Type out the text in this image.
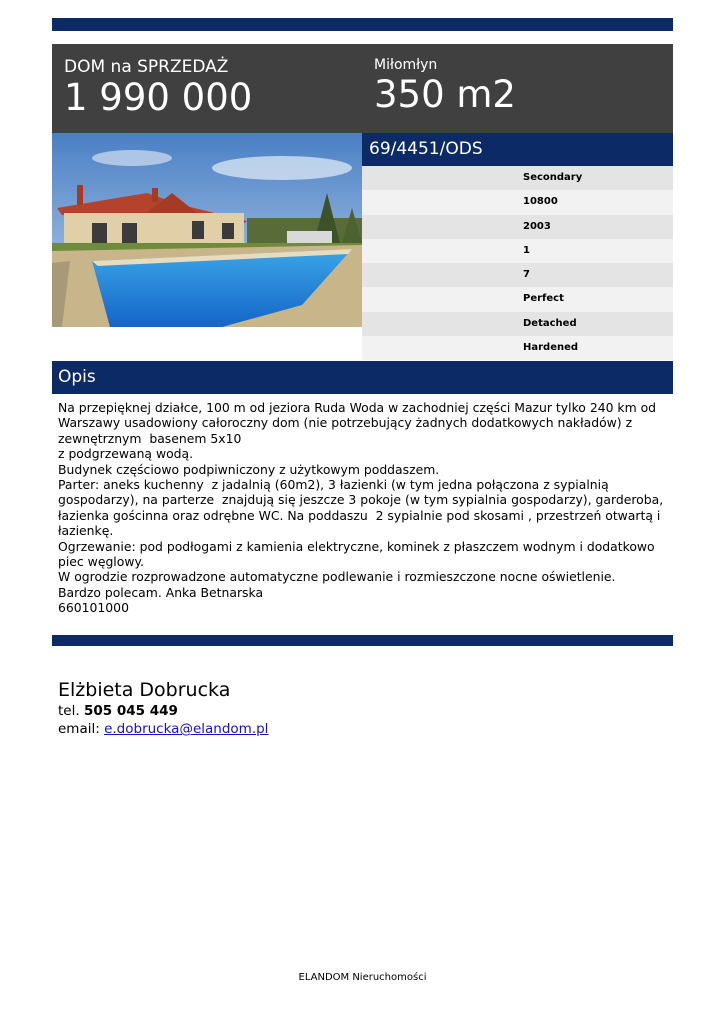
DOM na SPRZEDAŻ
1 990 000
Miłomłyn
350 m2
69/4451/ODS
Secondary
10800
2003
1
7
Perfect
Detached
Hardened
Opis
Na przepięknej działce, 100 m od jeziora Ruda Woda w zachodniej części Mazur tylko 240 km od
Warszawy usadowiony całoroczny dom (nie potrzebujący żadnych dodatkowych nakładów) z
zewnętrznym  basenem 5x10
z podgrzewaną wodą.
Budynek częściowo podpiwniczony z użytkowym poddaszem.
Parter: aneks kuchenny  z jadalnią (60m2), 3 łazienki (w tym jedna połączona z sypialnią
gospodarzy), na parterze  znajdują się jeszcze 3 pokoje (w tym sypialnia gospodarzy), garderoba,
łazienka gościnna oraz odrębne WC. Na poddaszu  2 sypialnie pod skosami , przestrzeń otwartą i
łazienkę.
Ogrzewanie: pod podłogami z kamienia elektryczne, kominek z płaszczem wodnym i dodatkowo
piec węglowy.
W ogrodzie rozprowadzone automatyczne podlewanie i rozmieszczone nocne oświetlenie.
Bardzo polecam. Anka Betnarska
660101000
Elżbieta Dobrucka
tel. 505 045 449
email: e.dobrucka@elandom.pl
ELANDOM Nieruchomości
